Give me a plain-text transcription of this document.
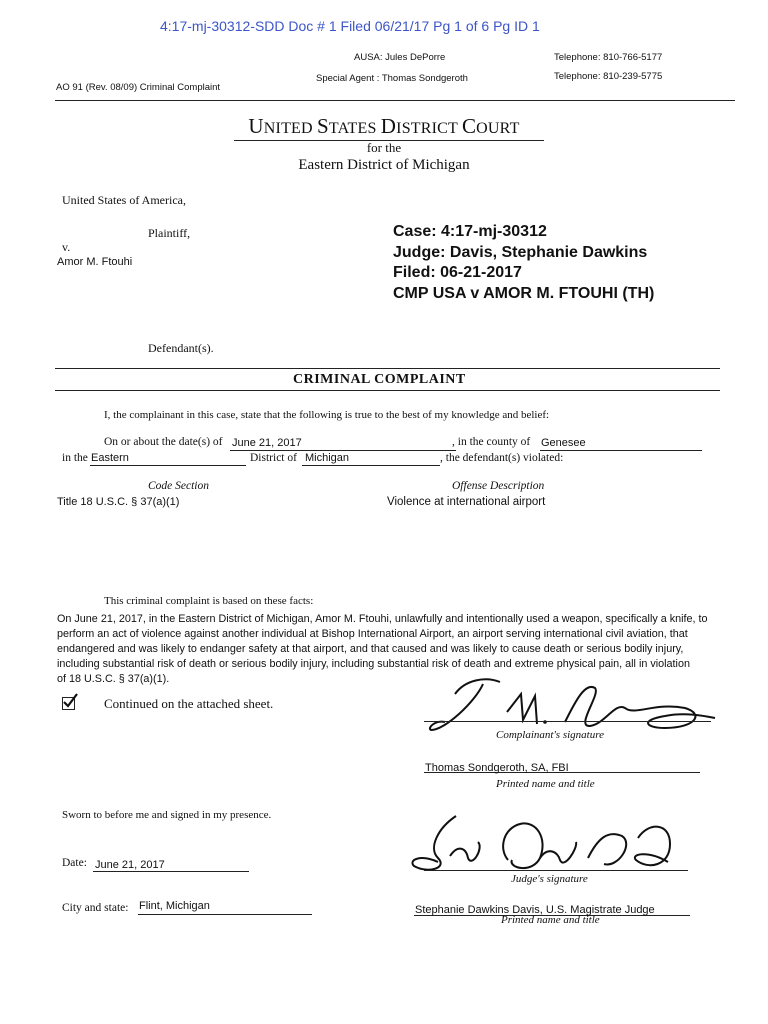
4:17-mj-30312-SDD Doc # 1 Filed 06/21/17 Pg 1 of 6 Pg ID 1
AUSA: Jules DePorre	Telephone: 810-766-5177
Special Agent : Thomas Sondgeroth	Telephone: 810-239-5775
AO 91 (Rev. 08/09) Criminal Complaint
UNITED STATES DISTRICT COURT
for the
Eastern District of Michigan
United States of America,
Plaintiff,
v.
Amor M. Ftouhi
Defendant(s).
Case: 4:17-mj-30312
Judge: Davis, Stephanie Dawkins
Filed: 06-21-2017
CMP USA v AMOR M. FTOUHI (TH)
CRIMINAL COMPLAINT
I, the complainant in this case, state that the following is true to the best of my knowledge and belief:
On or about the date(s) of June 21, 2017	, in the county of Genesee
in the Eastern	District of Michigan	, the defendant(s) violated:
Code Section	Offense Description
Title 18 U.S.C. § 37(a)(1)	Violence at international airport
This criminal complaint is based on these facts:
On June 21, 2017, in the Eastern District of Michigan, Amor M. Ftouhi, unlawfully and intentionally used a weapon, specifically a knife, to
perform an act of violence against another individual at Bishop International Airport, an airport serving international civil aviation, that
endangered and was likely to endanger safety at that airport, and that caused and was likely to cause death or serious bodily injury,
including substantial risk of death or serious bodily injury, including substantial risk of death and extreme physical pain, all in violation
of 18 U.S.C. § 37(a)(1).
Continued on the attached sheet.
Complainant's signature
Thomas Sondgeroth, SA, FBI
Printed name and title
Sworn to before me and signed in my presence.
Judge's signature
Date: June 21, 2017
City and state: Flint, Michigan	Stephanie Dawkins Davis, U.S. Magistrate Judge
Printed name and title
